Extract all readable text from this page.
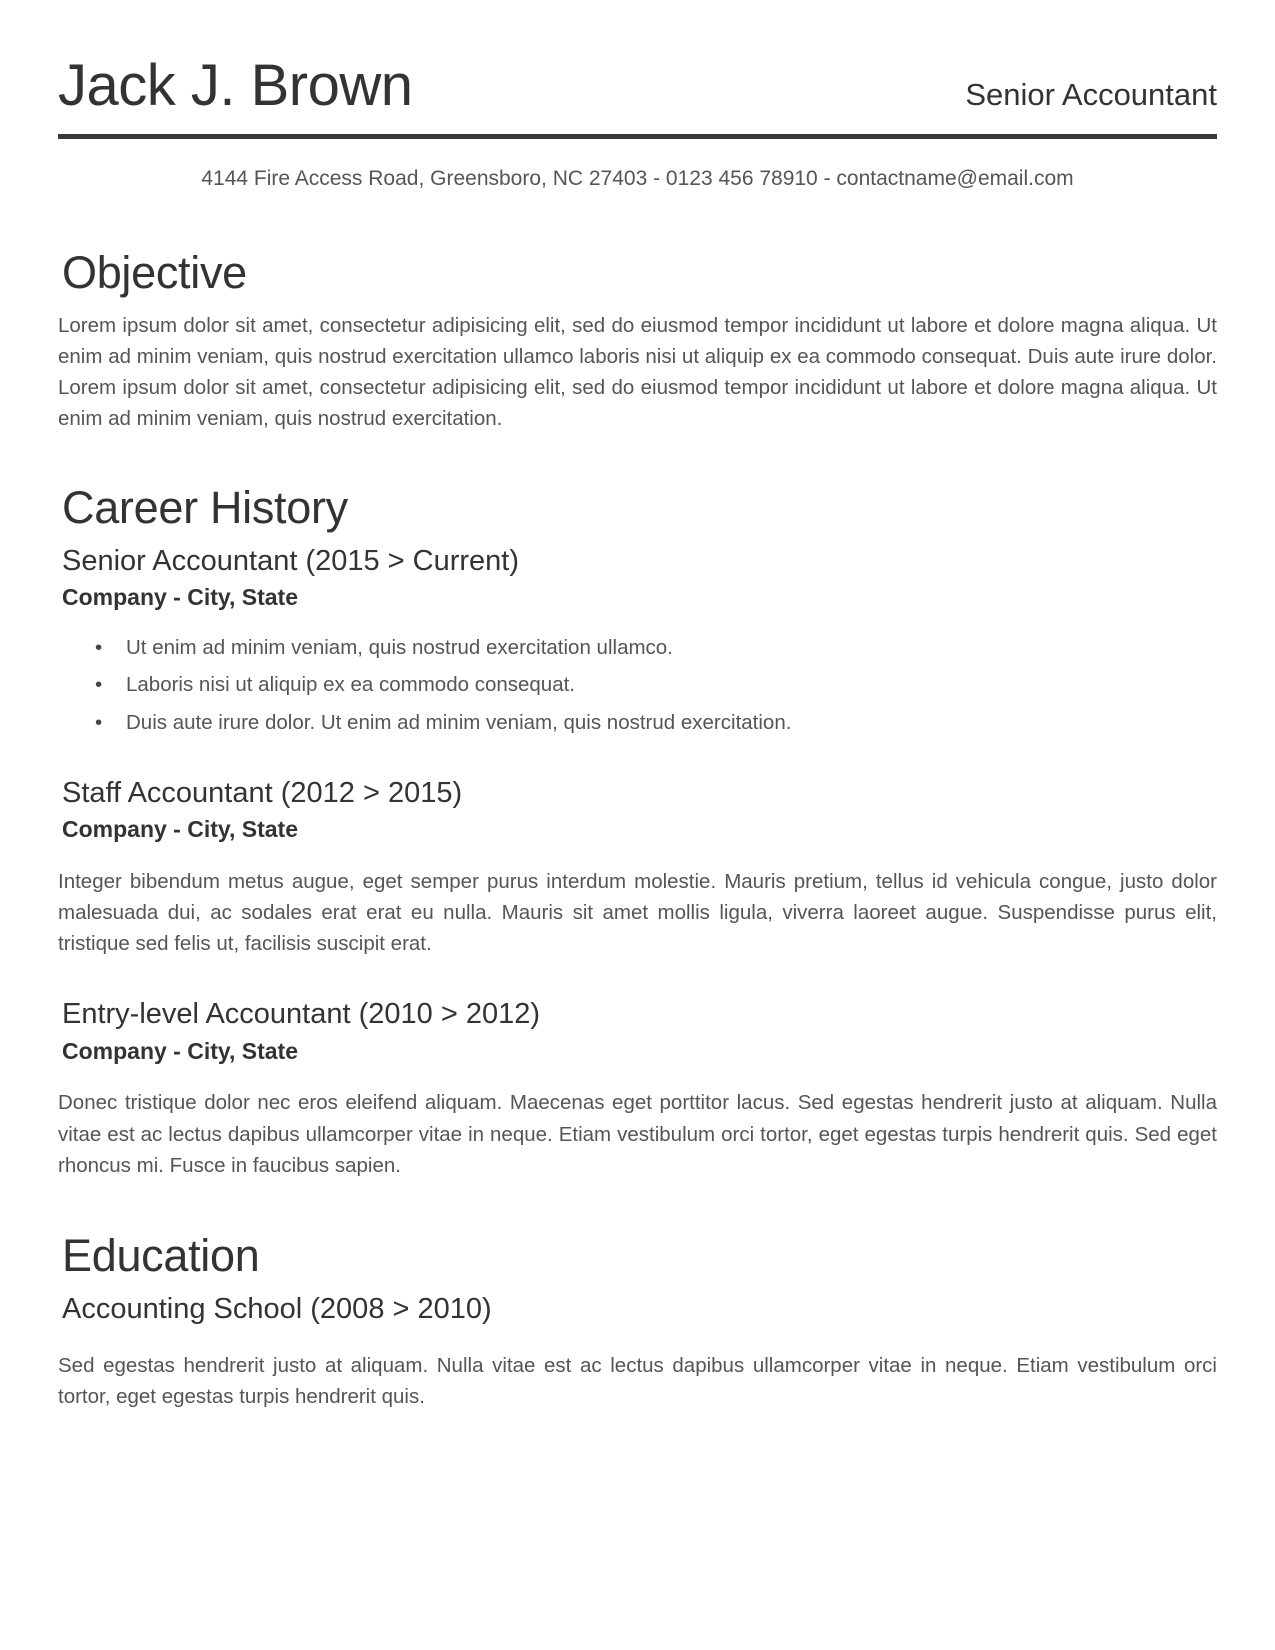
Jack J. Brown	Senior Accountant
4144 Fire Access Road, Greensboro, NC 27403 - 0123 456 78910 - contactname@email.com
Objective

Lorem ipsum dolor sit amet, consectetur adipisicing elit, sed do eiusmod tempor incididunt ut labore et dolore magna aliqua. Ut enim ad minim veniam, quis nostrud exercitation ullamco laboris nisi ut aliquip ex ea commodo consequat. Duis aute irure dolor. Lorem ipsum dolor sit amet, consectetur adipisicing elit, sed do eiusmod tempor incididunt ut labore et dolore magna aliqua. Ut enim ad minim veniam, quis nostrud exercitation.

Career History
Senior Accountant (2015 > Current)
Company - City, State
• Ut enim ad minim veniam, quis nostrud exercitation ullamco.
• Laboris nisi ut aliquip ex ea commodo consequat.
• Duis aute irure dolor. Ut enim ad minim veniam, quis nostrud exercitation.
Staff Accountant (2012 > 2015)
Company - City, State

Integer bibendum metus augue, eget semper purus interdum molestie. Mauris pretium, tellus id vehicula congue, justo dolor malesuada dui, ac sodales erat erat eu nulla. Mauris sit amet mollis ligula, viverra laoreet augue. Suspendisse purus elit, tristique sed felis ut, facilisis suscipit erat.

Entry-level Accountant (2010 > 2012)
Company - City, State

Donec tristique dolor nec eros eleifend aliquam. Maecenas eget porttitor lacus. Sed egestas hendrerit justo at aliquam. Nulla vitae est ac lectus dapibus ullamcorper vitae in neque. Etiam vestibulum orci tortor, eget egestas turpis hendrerit quis. Sed eget rhoncus mi. Fusce in faucibus sapien.

Education
Accounting School (2008 > 2010)

Sed egestas hendrerit justo at aliquam. Nulla vitae est ac lectus dapibus ullamcorper vitae in neque. Etiam vestibulum orci tortor, eget egestas turpis hendrerit quis.
